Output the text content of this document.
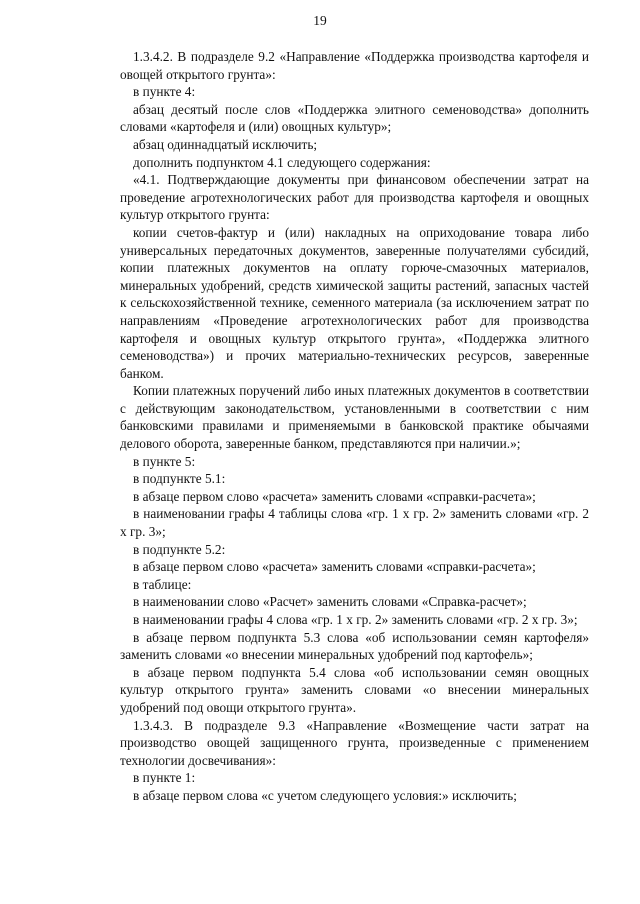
19

1.3.4.2. В подразделе 9.2 «Направление «Поддержка производства картофеля и овощей открытого грунта»:

в пункте 4:

абзац десятый после слов «Поддержка элитного семеноводства» дополнить словами «картофеля и (или) овощных культур»;

абзац одиннадцатый исключить;

дополнить подпунктом 4.1 следующего содержания:

«4.1. Подтверждающие документы при финансовом обеспечении затрат на проведение агротехнологических работ для производства картофеля и овощных культур открытого грунта:

копии счетов-фактур и (или) накладных на оприходование товара либо универсальных передаточных документов, заверенные получателями субсидий, копии платежных документов на оплату горюче-смазочных материалов, минеральных удобрений, средств химической защиты растений, запасных частей к сельскохозяйственной технике, семенного материала (за исключением затрат по направлениям «Проведение агротехнологических работ для производства картофеля и овощных культур открытого грунта», «Поддержка элитного семеноводства») и прочих материально-технических ресурсов, заверенные банком.

Копии платежных поручений либо иных платежных документов в соответствии с действующим законодательством, установленными в соответствии с ним банковскими правилами и применяемыми в банковской практике обычаями делового оборота, заверенные банком, представляются при наличии.»;

в пункте 5:

в подпункте 5.1:

в абзаце первом слово «расчета» заменить словами «справки-расчета»;

в наименовании графы 4 таблицы слова «гр. 1 х гр. 2» заменить словами «гр. 2 х гр. 3»;

в подпункте 5.2:

в абзаце первом слово «расчета» заменить словами «справки-расчета»;

в таблице:

в наименовании слово «Расчет» заменить словами «Справка-расчет»;

в наименовании графы 4 слова «гр. 1 х гр. 2» заменить словами «гр. 2 х гр. 3»;

в абзаце первом подпункта 5.3 слова «об использовании семян картофеля» заменить словами «о внесении минеральных удобрений под картофель»;

в абзаце первом подпункта 5.4 слова «об использовании семян овощных культур открытого грунта» заменить словами «о внесении минеральных удобрений под овощи открытого грунта».

1.3.4.3. В подразделе 9.3 «Направление «Возмещение части затрат на производство овощей защищенного грунта, произведенные с применением технологии досвечивания»:

в пункте 1:

в абзаце первом слова «с учетом следующего условия:» исключить;
